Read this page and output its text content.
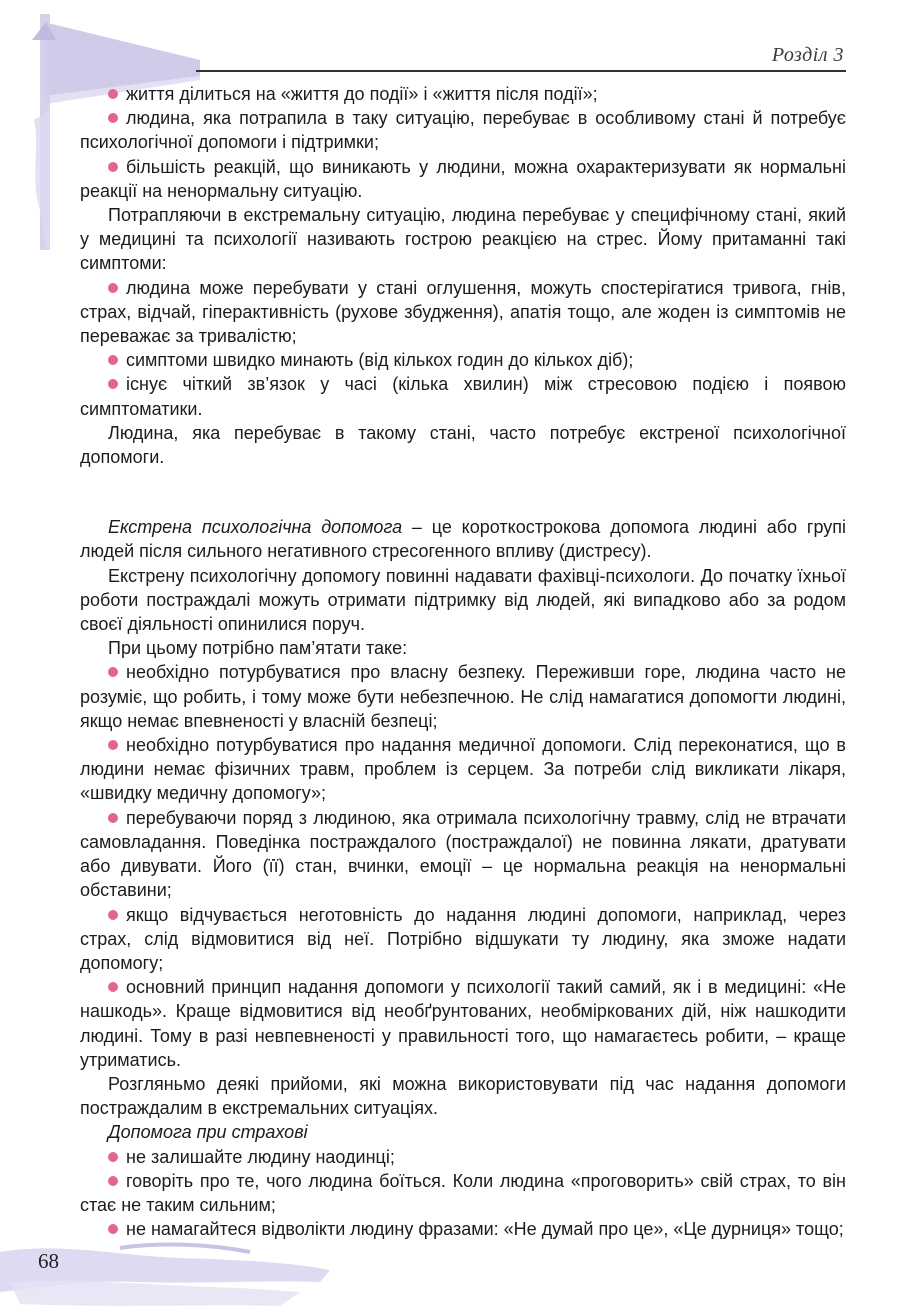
Розділ 3

життя ділиться на «життя до події» і «життя після події»;

людина, яка потрапила в таку ситуацію, перебуває в особливому стані й потребує психологічної допомоги і підтримки;

більшість реакцій, що виникають у людини, можна охарактеризувати як нормальні реакції на ненормальну ситуацію.

Потрапляючи в екстремальну ситуацію, людина перебуває у специфічному стані, який у медицині та психології називають гострою реакцією на стрес. Йому притаманні такі симптоми:

людина може перебувати у стані оглушення, можуть спостерігатися тривога, гнів, страх, відчай, гіперактивність (рухове збудження), апатія тощо, але жоден із симптомів не переважає за тривалістю;

симптоми швидко минають (від кількох годин до кількох діб);

існує чіткий зв’язок у часі (кілька хвилин) між стресовою подією і появою симптоматики.

Людина, яка перебуває в такому стані, часто потребує екстреної психологічної допомоги.

Екстрена психологічна допомога – це короткострокова допомога людині або групі людей після сильного негативного стресогенного впливу (дистресу).

Екстрену психологічну допомогу повинні надавати фахівці-психологи. До початку їхньої роботи постраждалі можуть отримати підтримку від людей, які випадково або за родом своєї діяльності опинилися поруч.

При цьому потрібно пам’ятати таке:

необхідно потурбуватися про власну безпеку. Переживши горе, людина часто не розуміє, що робить, і тому може бути небезпечною. Не слід намагатися допомогти людині, якщо немає впевненості у власній безпеці;

необхідно потурбуватися про надання медичної допомоги. Слід переконатися, що в людини немає фізичних травм, проблем із серцем. За потреби слід викликати лікаря, «швидку медичну допомогу»;

перебуваючи поряд з людиною, яка отримала психологічну травму, слід не втрачати самовладання. Поведінка постраждалого (постраждалої) не повинна лякати, дратувати або дивувати. Його (її) стан, вчинки, емоції – це нормальна реакція на ненормальні обставини;

якщо відчувається неготовність до надання людині допомоги, наприклад, через страх, слід відмовитися від неї. Потрібно відшукати ту людину, яка зможе надати допомогу;

основний принцип надання допомоги у психології такий самий, як і в медицині: «Не нашкодь». Краще відмовитися від необґрунтованих, необміркованих дій, ніж нашкодити людині. Тому в разі невпевненості у правильності того, що намагаєтесь робити, – краще утриматись.

Розгляньмо деякі прийоми, які можна використовувати під час надання допомоги постраждалим в екстремальних ситуаціях.

Допомога при страхові

не залишайте людину наодинці;

говоріть про те, чого людина боїться. Коли людина «проговорить» свій страх, то він стає не таким сильним;

не намагайтеся відволікти людину фразами: «Не думай про це», «Це дурниця» тощо;

68
